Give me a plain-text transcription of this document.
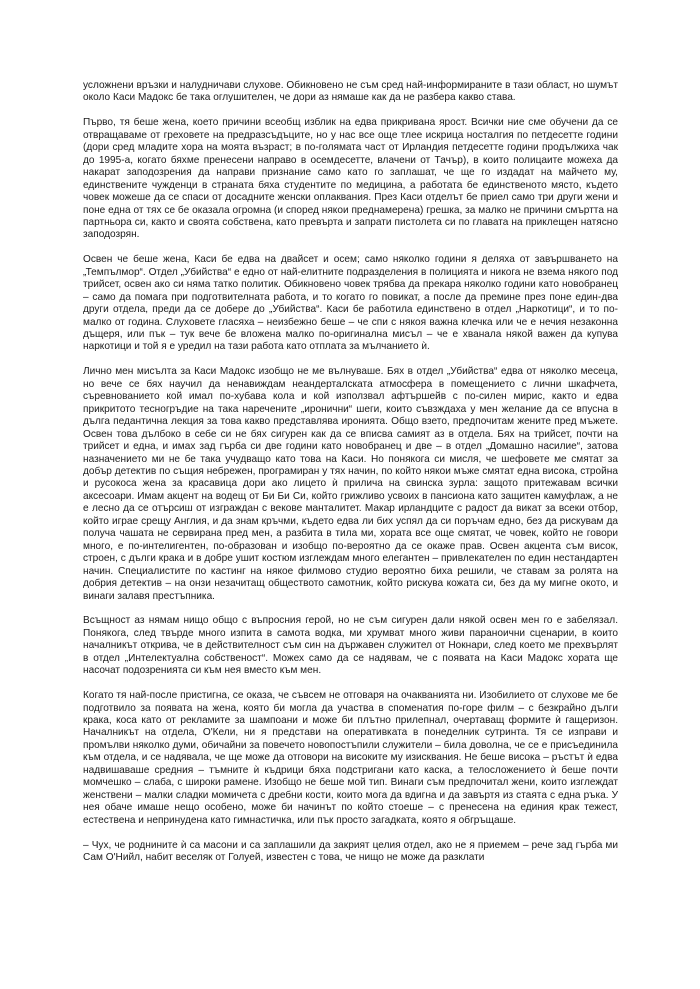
усложнени връзки и налудничави слухове. Обикновено не съм сред най-информираните в тази област, но шумът около Каси Мадокс бе така оглушителен, че дори аз нямаше как да не разбера какво става.

Първо, тя беше жена, което причини всеобщ изблик на едва прикривана ярост. Всички ние сме обучени да се отвращаваме от греховете на предразсъдъците, но у нас все още тлее искрица носталгия по петдесетте години (дори сред младите хора на моята възраст; в по-голямата част от Ирландия петдесетте години продължиха чак до 1995-а, когато бяхме пренесени направо в осемдесетте, влачени от Тачър), в които полицаите можеха да накарат заподозрения да направи признание само като го заплашат, че ще го издадат на майчето му, единствените чужденци в страната бяха студентите по медицина, а работата бе единственото място, където човек можеше да се спаси от досадните женски оплаквания. През Каси отделът бе приел само три други жени и поне една от тях се бе оказала огромна (и според някои преднамерена) грешка, за малко не причини смъртта на партньора си, както и своята собствена, като превърта и запрати пистолета си по главата на приклещен натясно заподозрян.

Освен че беше жена, Каси бе едва на двайсет и осем; само няколко години я деляха от завършването на „Темпълмор“. Отдел „Убийства“ е едно от най-елитните подразделения в полицията и никога не взема някого под трийсет, освен ако си няма татко политик. Обикновено човек трябва да прекара няколко години като новобранец – само да помага при подготвителната работа, и то когато го повикат, а после да премине през поне един-два други отдела, преди да се добере до „Убийства“. Каси бе работила единствено в отдел „Наркотици“, и то по-малко от година. Слуховете гласяха – неизбежно беше – че спи с някоя важна клечка или че е нечия незаконна дъщеря, или пък – тук вече бе вложена малко по-оригинална мисъл – че е хванала някой важен да купува наркотици и той я е уредил на тази работа като отплата за мълчанието ѝ.

Лично мен мисълта за Каси Мадокс изобщо не ме вълнуваше. Бях в отдел „Убийства“ едва от няколко месеца, но вече се бях научил да ненавиждам неандерталската атмосфера в помещението с лични шкафчета, съревнованието кой имал по-хубава кола и кой използвал афтършейв с по-силен мирис, както и едва прикритото тесногръдие на така наречените „иронични“ шеги, които съвзждаха у мен желание да се впусна в дълга педантична лекция за това какво представлява иронията. Общо взето, предпочитам жените пред мъжете. Освен това дълбоко в себе си не бях сигурен как да се вписва самият аз в отдела. Бях на трийсет, почти на трийсет и една, и имах зад гърба си две години като новобранец и две – в отдел „Домашно насилие“, затова назначението ми не бе така учудващо като това на Каси. Но понякога си мисля, че шефовете ме смятат за добър детектив по същия небрежен, програмиран у тях начин, по който някои мъже смятат една висока, стройна и русокоса жена за красавица дори ако лицето ѝ прилича на свинска зурла: защото притежавам всички аксесоари. Имам акцент на водещ от Би Би Си, който грижливо усвоих в пансиона като защитен камуфлаж, а не е лесно да се отърсиш от изграждан с векове манталитет. Макар ирландците с радост да викат за всеки отбор, който играе срещу Англия, и да знам кръчми, където едва ли бих успял да си поръчам едно, без да рискувам да получа чашата не сервирана пред мен, а разбита в тила ми, хората все още смятат, че човек, който не говори много, е по-интелигентен, по-образован и изобщо по-вероятно да се окаже прав. Освен акцента съм висок, строен, с дълги крака и в добре ушит костюм изглеждам много елегантен – привлекателен по един нестандартен начин. Специалистите по кастинг на някое филмово студио вероятно биха решили, че ставам за ролята на добрия детектив – на онзи незачитащ обществото самотник, който рискува кожата си, без да му мигне окото, и винаги залавя престъпника.

Всъщност аз нямам нищо общо с въпросния герой, но не съм сигурен дали някой освен мен го е забелязал. Понякога, след твърде много изпита в самота водка, ми хрумват много живи параноични сценарии, в които началникът открива, че в действителност съм син на държавен служител от Нокнари, след което ме прехвърлят в отдел „Интелектуална собственост“. Можех само да се надявам, че с появата на Каси Мадокс хората ще насочат подозренията си към нея вместо към мен.

Когато тя най-после пристигна, се оказа, че съвсем не отговаря на очакванията ни. Изобилието от слухове ме бе подготвило за появата на жена, която би могла да участва в споменатия по-горе филм – с безкрайно дълги крака, коса като от рекламите за шампоани и може би плътно прилепнал, очертаващ формите ѝ гащеризон. Началникът на отдела, О'Кели, ни я представи на оперативката в понеделник сутринта. Тя се изправи и промълви няколко думи, обичайни за повечето новопостъпили служители – била доволна, че се е присъединила към отдела, и се надявала, че ще може да отговори на високите му изисквания. Не беше висока – ръстът ѝ едва надвишаваше средния – тъмните ѝ къдрици бяха подстригани като каска, а телосложението ѝ беше почти момчешко – слаба, с широки рамене. Изобщо не беше мой тип. Винаги съм предпочитал жени, които изглеждат женствени – малки сладки момичета с дребни кости, които мога да вдигна и да завъртя из стаята с една ръка. У нея обаче имаше нещо особено, може би начинът по който стоеше – с пренесена на единия крак тежест, естествена и непринудена като гимнастичка, или пък просто загадката, която я обгръщаше.

– Чух, че роднините ѝ са масони и са заплашили да закрият целия отдел, ако не я приемем – рече зад гърба ми Сам О'Нийл, набит веселяк от Голуей, известен с това, че нищо не може да разклати
